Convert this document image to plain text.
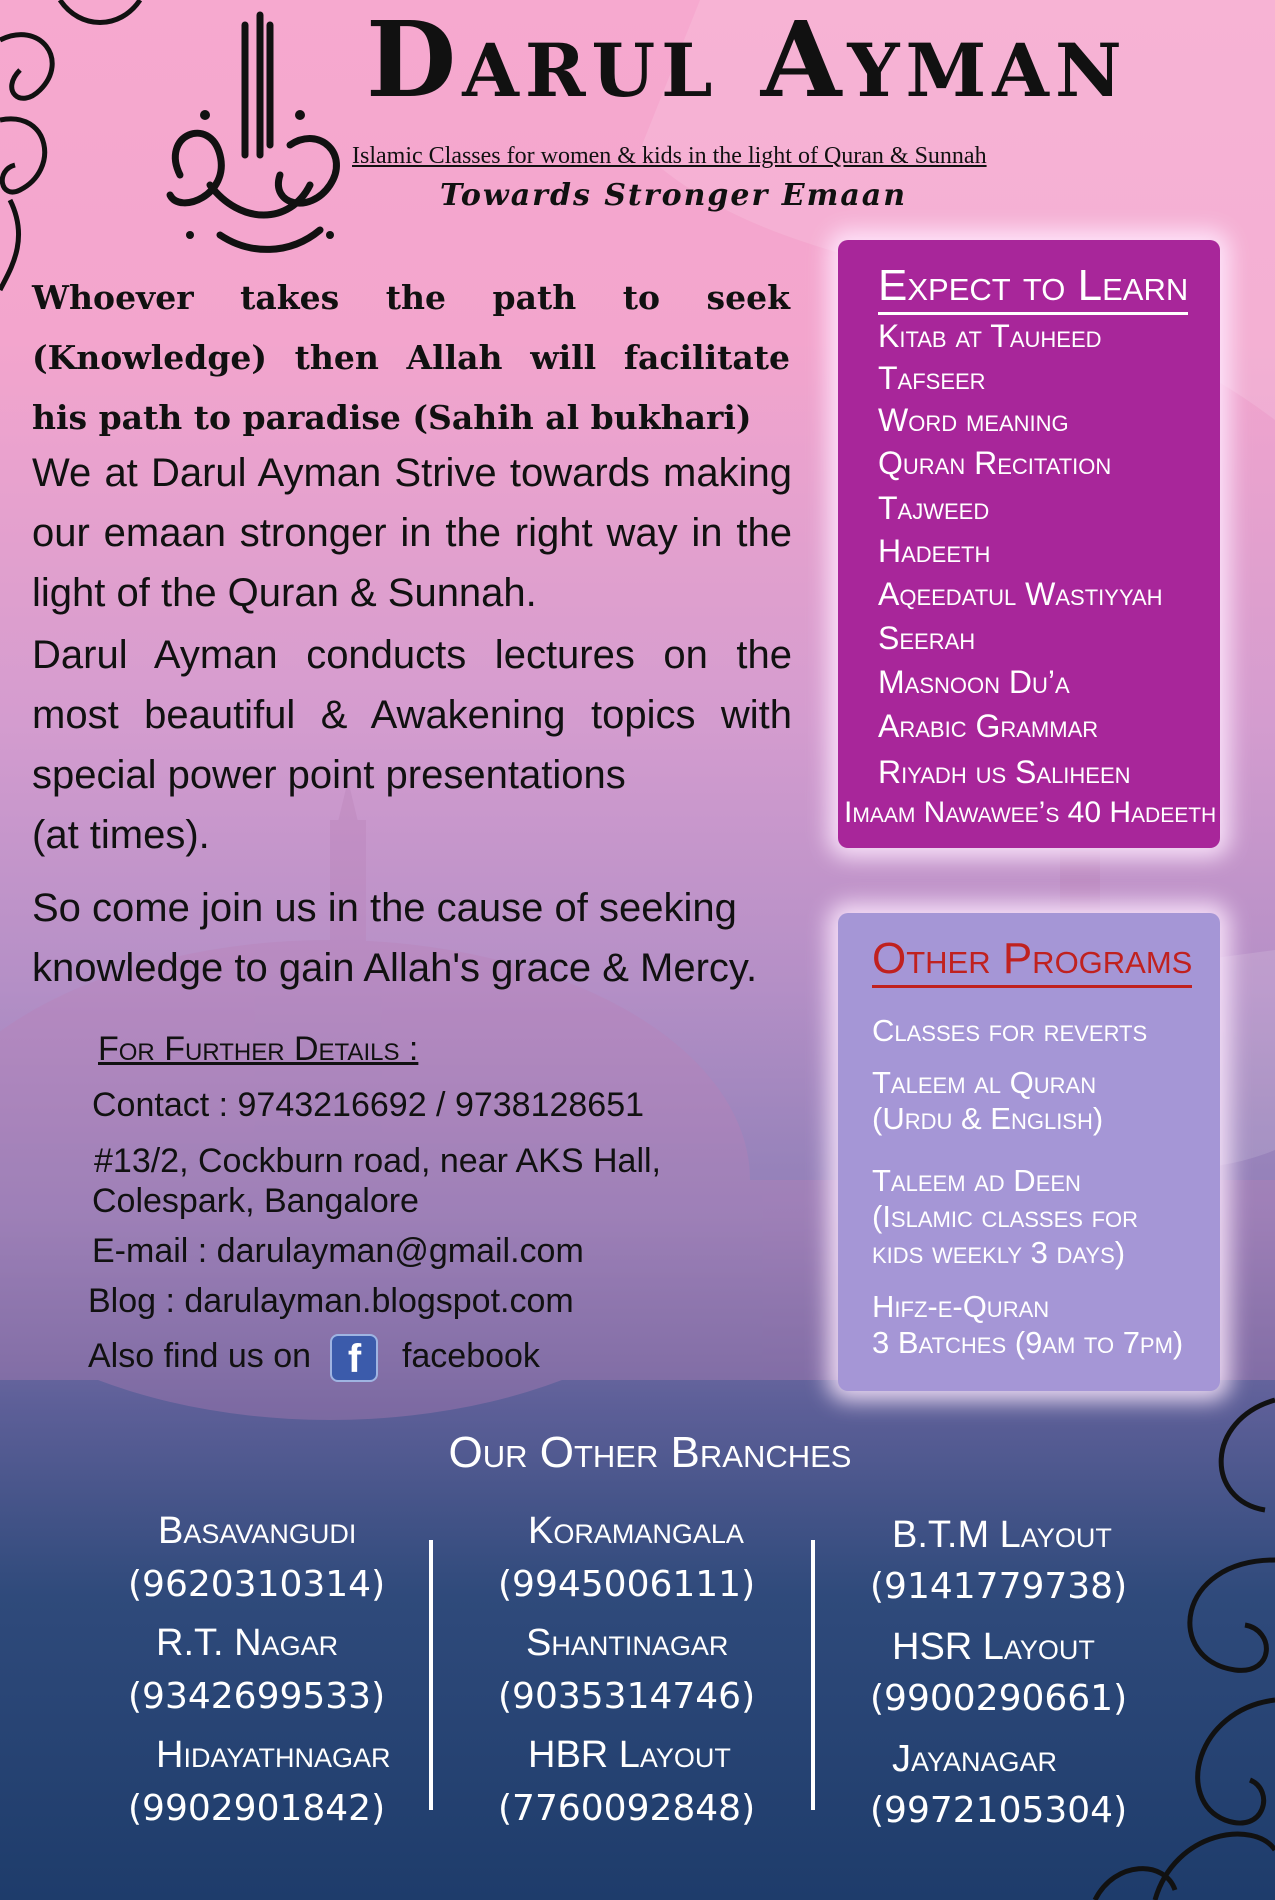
Darul Ayman
Islamic Classes for women & kids in the light of Quran & Sunnah
Towards Stronger Emaan
Whoever takes the path to seek (Knowledge) then Allah will facilitate his path to paradise (Sahih al bukhari)
We at Darul Ayman Strive towards making our emaan stronger in the right way in the light of the Quran & Sunnah.
Darul Ayman conducts lectures on the most beautiful & Awakening topics with special power point presentations
(at times).
So come join us in the cause of seeking knowledge to gain Allah's grace & Mercy.
For Further Details :
Contact : 9743216692 / 9738128651
#13/2, Cockburn road, near AKS Hall,
Colespark, Bangalore
E-mail : darulayman@gmail.com
Blog : darulayman.blogspot.com
Also find us on f facebook
Expect to Learn
Kitab at Tauheed
Tafseer
Word meaning
Quran Recitation
Tajweed
Hadeeth
Aqeedatul Wastiyyah
Seerah
Masnoon Du’a
Arabic Grammar
Riyadh us Saliheen
Imaam Nawawee’s 40 Hadeeth
Other Programs
Classes for reverts
Taleem al Quran
(Urdu & English)
Taleem ad Deen
(Islamic classes for
kids weekly 3 days)
Hifz-e-Quran
3 Batches (9am to 7pm)
Our Other Branches
Basavangudi
(9620310314)
R.T. Nagar
(9342699533)
Hidayathnagar
(9902901842)
Koramangala
(9945006111)
Shantinagar
(9035314746)
HBR Layout
(7760092848)
B.T.M Layout
(9141779738)
HSR Layout
(9900290661)
Jayanagar
(9972105304)
